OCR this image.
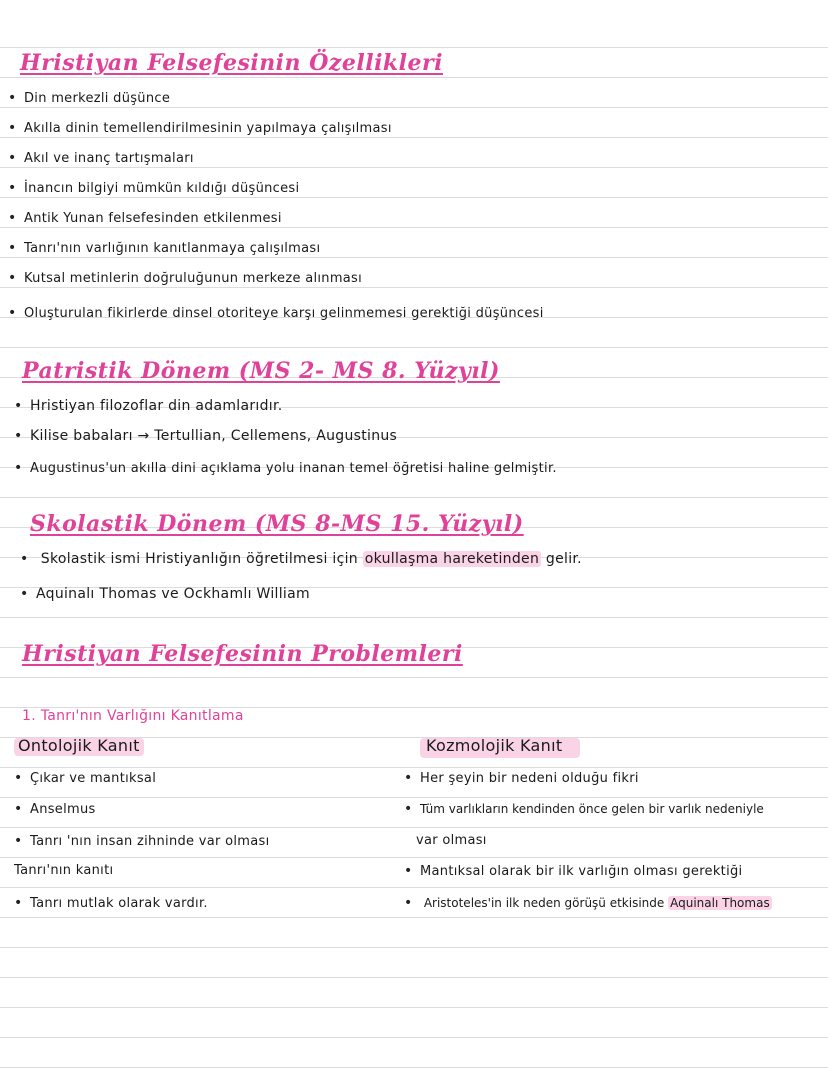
Hristiyan Felsefesinin Özellikleri
• Din merkezli düşünce
• Akılla dinin temellendirilmesinin yapılmaya çalışılması
• Akıl ve inanç tartışmaları
• İnancın bilgiyi mümkün kıldığı düşüncesi
• Antik Yunan felsefesinden etkilenmesi
• Tanrı'nın varlığının kanıtlanmaya çalışılması
• Kutsal metinlerin doğruluğunun merkeze alınması
• Oluşturulan fikirlerde dinsel otoriteye karşı gelinmemesi gerektiği düşüncesi
Patristik Dönem (MS 2- MS 8. Yüzyıl)
• Hristiyan filozoflar din adamlarıdır.
• Kilise babaları → Tertullian, Cellemens, Augustinus
• Augustinus'un akılla dini açıklama yolu inanan temel öğretisi haline gelmiştir.
Skolastik Dönem (MS 8-MS 15. Yüzyıl)
• Skolastik ismi Hristiyanlığın öğretilmesi için okullaşma hareketinden gelir.
• Aquinalı Thomas ve Ockhamlı William
Hristiyan Felsefesinin Problemleri
1. Tanrı'nın Varlığını Kanıtlama
Ontolojik Kanıt
• Çıkar ve mantıksal
• Anselmus
• Tanrı 'nın insan zihninde var olması
Tanrı'nın kanıtı
• Tanrı mutlak olarak vardır.
Kozmolojik Kanıt
• Her şeyin bir nedeni olduğu fikri
• Tüm varlıkların kendinden önce gelen bir varlık nedeniyle
var olması
• Mantıksal olarak bir ilk varlığın olması gerektiği
• Aristoteles'in ilk neden görüşü etkisinde Aquinalı Thomas
